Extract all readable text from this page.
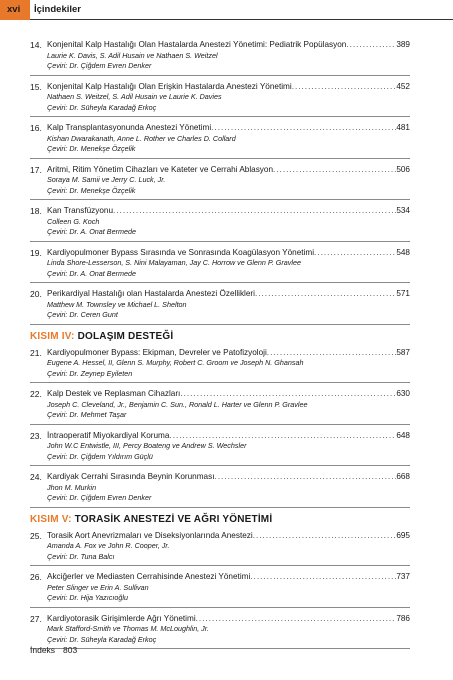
xvi İçindekiler
14. Konjenital Kalp Hastalığı Olan Hastalarda Anestezi Yönetimi: Pediatrik Popülasyon .....	389
Laurie K. Davis, S. Adil Husain ve Nathaen S. Weitzel
Çeviri: Dr. Çiğdem Evren Denker
15. Konjenital Kalp Hastalığı Olan Erişkin Hastalarda Anestezi Yönetimi .....	452
Nathaen S. Weitzel, S. Adil Husain ve Laurie K. Davies
Çeviri: Dr. Süheyla Karadağ Erkoç
16. Kalp Transplantasyonunda Anestezi Yönetimi .....	481
Kishan Dwarakanath, Anne L. Rother ve Charles D. Collard
Çeviri: Dr. Menekşe Özçelik
17. Aritmi, Ritim Yönetim Cihazları ve Kateter ve Cerrahi Ablasyon .....	506
Soraya M. Samii ve Jerry C. Luck, Jr.
Çeviri: Dr. Menekşe Özçelik
18. Kan Transfüzyonu .....	534
Colleen G. Koch
Çeviri: Dr. A. Onat Bermede
19. Kardiyopulmoner Bypass Sırasında ve Sonrasında Koagülasyon Yönetimi .....	548
Linda Shore-Lesserson, S. Nini Malayaman, Jay C. Horrow ve Glenn P. Gravlee
Çeviri: Dr. A. Onat Bermede
20. Perikardiyal Hastalığı olan Hastalarda Anestezi Özellikleri .....	571
Matthew M. Townsley ve Michael L. Shelton
Çeviri: Dr. Ceren Gunt
KISIM IV: DOLAŞIM DESTEĞİ
21. Kardiyopulmoner Bypass: Ekipman, Devreler ve Patofizyoloji .....	587
Eugene A. Hessel, II, Glenn S. Murphy, Robert C. Groom ve Joseph N. Ghansah
Çeviri: Dr. Zeynep Eyileten
22. Kalp Destek ve Replasman Cihazları .....	630
Joseph C. Cleveland, Jr., Benjamin C. Sun., Ronald L. Harter ve Glenn P. Gravlee
Çeviri: Dr. Mehmet Taşar
23. İntraoperatif Miyokardiyal Koruma .....	648
John W.C Entwistle, III, Percy Boateng ve Andrew S. Wechsler
Çeviri: Dr. Çiğdem Yıldırım Güçlü
24. Kardiyak Cerrahi Sırasında Beynin Korunması .....	668
Jhon M. Murkin
Çeviri: Dr. Çiğdem Evren Denker
KISIM V: TORASİK ANESTEZİ VE AĞRI YÖNETİMİ
25. Torasik Aort Anevrizmaları ve Diseksiyonlarında Anestezi .....	695
Amanda A. Fox ve John R. Cooper, Jr.
Çeviri: Dr. Tuna Balcı
26. Akciğerler ve Mediasten Cerrahisinde Anestezi Yönetimi .....	737
Peter Slinger ve Erin A. Sullivan
Çeviri: Dr. Hija Yazıcıoğlu
27. Kardiyotorasik Girişimlerde Ağrı Yönetimi .....	786
Mark Stafford-Smith ve Thomas M. McLoughlin, Jr.
Çeviri: Dr. Süheyla Karadağ Erkoç
İndeks 803
